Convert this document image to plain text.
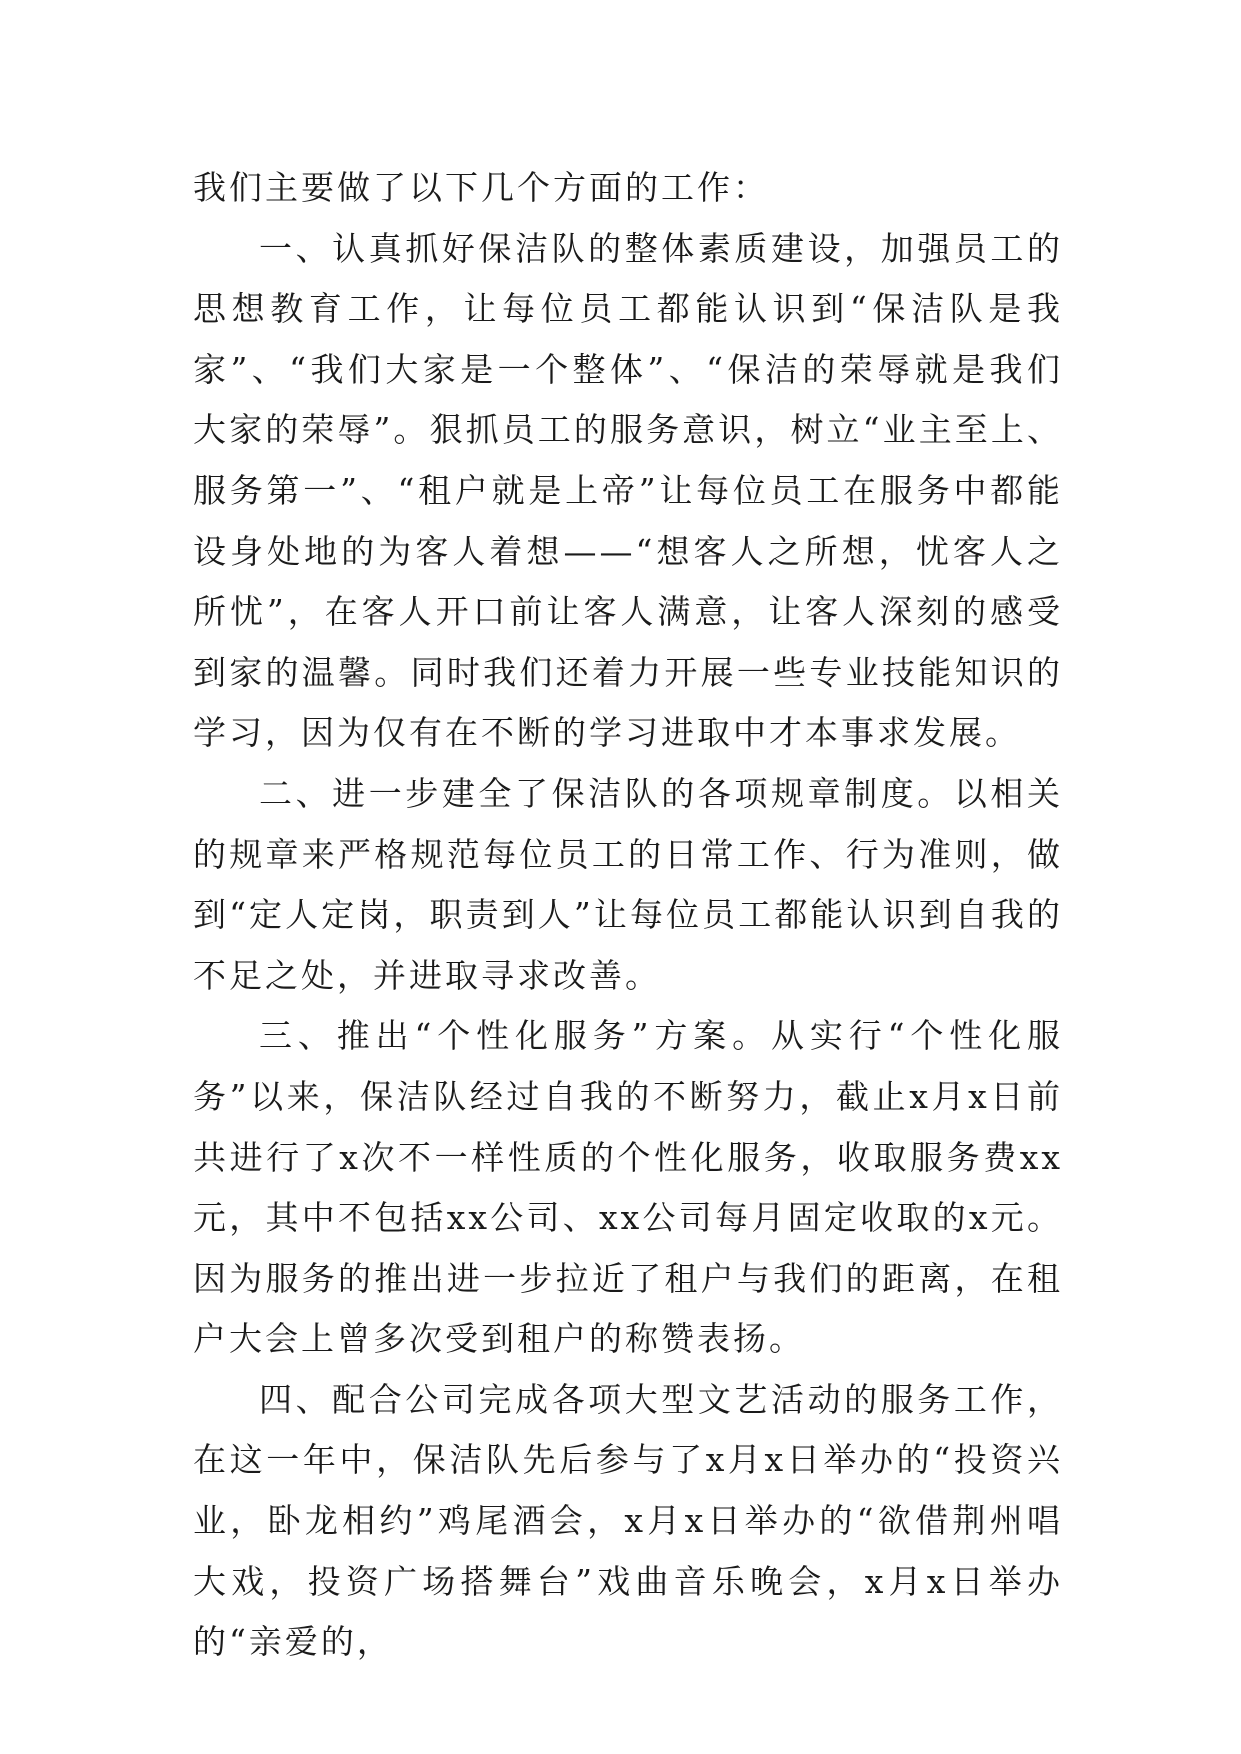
我们主要做了以下几个方面的工作：

一、认真抓好保洁队的整体素质建设，加强员工的思想教育工作，让每位员工都能认识到“保洁队是我家”、“我们大家是一个整体”、“保洁的荣辱就是我们大家的荣辱”。狠抓员工的服务意识，树立“业主至上、服务第一”、“租户就是上帝”让每位员工在服务中都能设身处地的为客人着想——“想客人之所想，忧客人之所忧”，在客人开口前让客人满意，让客人深刻的感受到家的温馨。同时我们还着力开展一些专业技能知识的学习，因为仅有在不断的学习进取中才本事求发展。

二、进一步建全了保洁队的各项规章制度。以相关的规章来严格规范每位员工的日常工作、行为准则，做到“定人定岗，职责到人”让每位员工都能认识到自我的不足之处，并进取寻求改善。

三、推出“个性化服务”方案。从实行“个性化服务”以来，保洁队经过自我的不断努力，截止x月x日前共进行了x次不一样性质的个性化服务，收取服务费xx元，其中不包括xx公司、xx公司每月固定收取的x元。因为服务的推出进一步拉近了租户与我们的距离，在租户大会上曾多次受到租户的称赞表扬。

四、配合公司完成各项大型文艺活动的服务工作，在这一年中，保洁队先后参与了x月x日举办的“投资兴业，卧龙相约”鸡尾酒会，x月x日举办的“欲借荆州唱大戏，投资广场搭舞台”戏曲音乐晚会，x月x日举办的“亲爱的，
